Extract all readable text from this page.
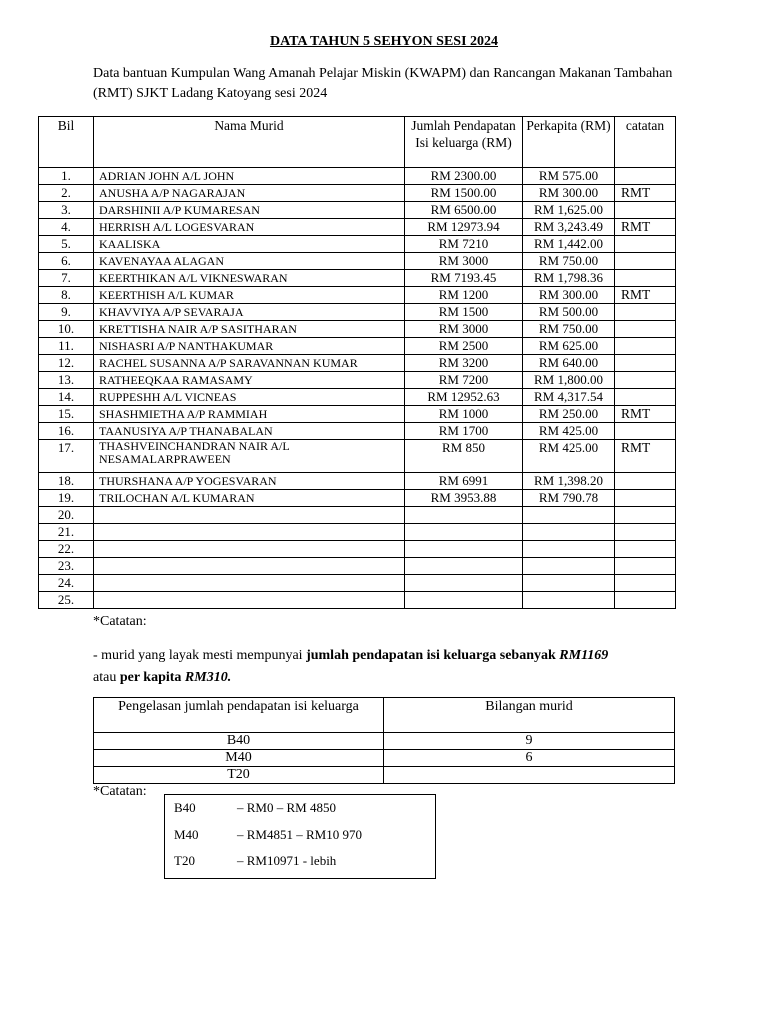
DATA TAHUN 5 SEHYON SESI 2024
Data bantuan Kumpulan Wang Amanah Pelajar Miskin (KWAPM) dan Rancangan Makanan Tambahan (RMT) SJKT Ladang Katoyang sesi 2024
Bil	Nama Murid	Jumlah Pendapatan Isi keluarga (RM)	Perkapita (RM)	catatan
1.	ADRIAN JOHN A/L JOHN	RM 2300.00	RM 575.00	
2.	ANUSHA A/P NAGARAJAN	RM 1500.00	RM 300.00	RMT
3.	DARSHINII A/P KUMARESAN	RM 6500.00	RM 1,625.00	
4.	HERRISH A/L LOGESVARAN	RM 12973.94	RM 3,243.49	RMT
5.	KAALISKA	RM 7210	RM 1,442.00	
6.	KAVENAYAA ALAGAN	RM 3000	RM 750.00	
7.	KEERTHIKAN A/L VIKNESWARAN	RM 7193.45	RM 1,798.36	
8.	KEERTHISH A/L KUMAR	RM 1200	RM 300.00	RMT
9.	KHAVVIYA A/P SEVARAJA	RM 1500	RM 500.00	
10.	KRETTISHA NAIR A/P SASITHARAN	RM 3000	RM 750.00	
11.	NISHASRI A/P NANTHAKUMAR	RM 2500	RM 625.00	
12.	RACHEL SUSANNA A/P SARAVANNAN KUMAR	RM 3200	RM 640.00	
13.	RATHEEQKAA RAMASAMY	RM 7200	RM 1,800.00	
14.	RUPPESHH A/L VICNEAS	RM 12952.63	RM 4,317.54	
15.	SHASHMIETHA A/P RAMMIAH	RM 1000	RM 250.00	RMT
16.	TAANUSIYA A/P THANABALAN	RM 1700	RM 425.00	
17.	THASHVEINCHANDRAN NAIR A/L NESAMALARPRAWEEN	RM 850	RM 425.00	RMT
18.	THURSHANA A/P YOGESVARAN	RM 6991	RM 1,398.20	
19.	TRILOCHAN A/L KUMARAN	RM 3953.88	RM 790.78	
20.				
21.				
22.				
23.				
24.				
25.				
*Catatan:
- murid yang layak mesti mempunyai jumlah pendapatan isi keluarga sebanyak RM1169
atau per kapita RM310.
Pengelasan jumlah pendapatan isi keluarga	Bilangan murid
B40	9
M40	6
T20	
*Catatan:
B40	– RM0 – RM 4850
M40	– RM4851 – RM10 970
T20	– RM10971 - lebih
